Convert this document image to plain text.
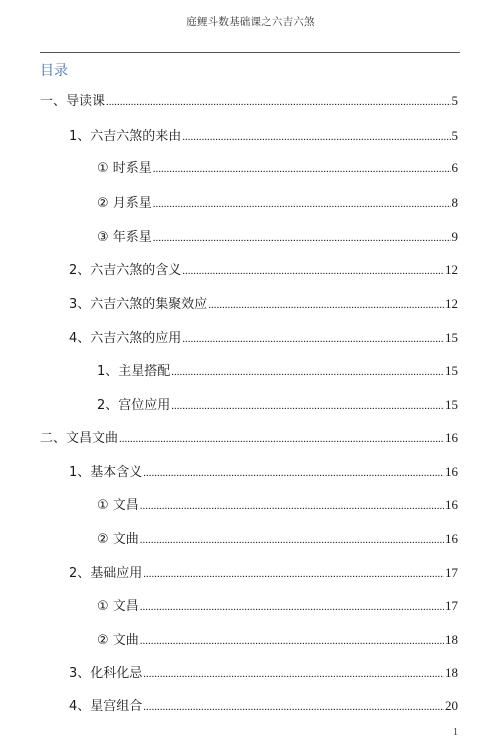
庭鲤斗数基础课之六吉六煞
目录
一、导读课 .....	5
1、六吉六煞的来由 .....	5
① 时系星 .....	6
② 月系星 .....	8
③ 年系星 .....	9
2、六吉六煞的含义 .....	12
3、六吉六煞的集聚效应 .....	12
4、六吉六煞的应用 .....	15
1、主星搭配 .....	15
2、宫位应用 .....	15
二、文昌文曲 .....	16
1、基本含义 .....	16
① 文昌 .....	16
② 文曲 .....	16
2、基础应用 .....	17
① 文昌 .....	17
② 文曲 .....	18
3、化科化忌 .....	18
4、星宫组合 .....	20
1
